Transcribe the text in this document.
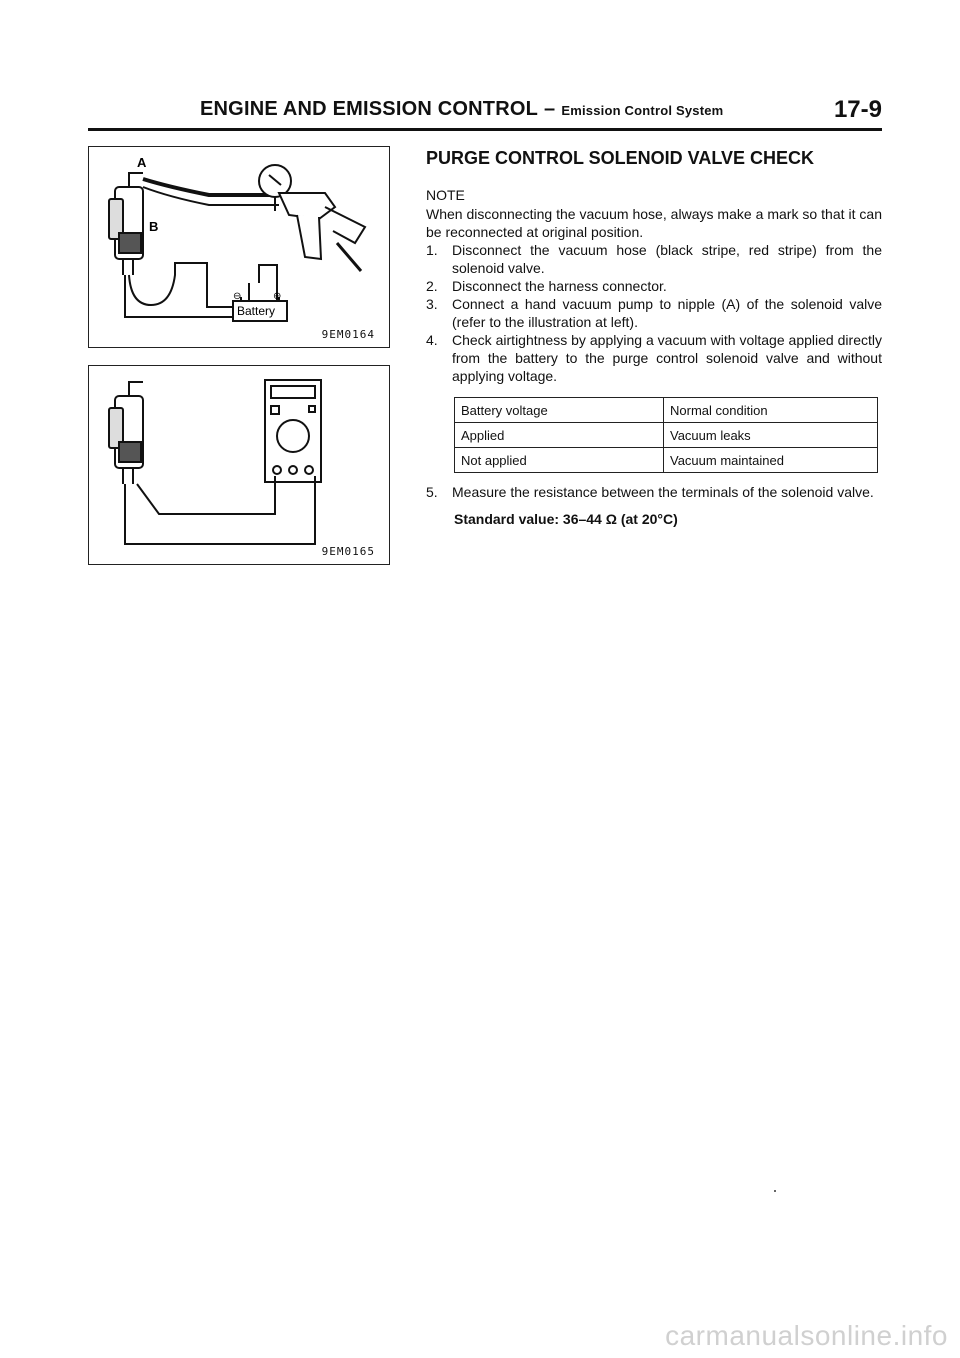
ENGINE AND EMISSION CONTROL – Emission Control System	17-9
A
B
Battery
⊖	⊕
9EM0164
9EM0165
PURGE CONTROL SOLENOID VALVE CHECK
NOTE
When disconnecting the vacuum hose, always make a mark so that it can be reconnected at original position.
1. Disconnect the vacuum hose (black stripe, red stripe) from the solenoid valve.
2. Disconnect the harness connector.
3. Connect a hand vacuum pump to nipple (A) of the solenoid valve (refer to the illustration at left).
4. Check airtightness by applying a vacuum with voltage applied directly from the battery to the purge control solenoid valve and without applying voltage.
Battery voltage	Normal condition
Applied	Vacuum leaks
Not applied	Vacuum maintained
5. Measure the resistance between the terminals of the solenoid valve.
Standard value: 36–44 Ω (at 20°C)
carmanualsonline.info
